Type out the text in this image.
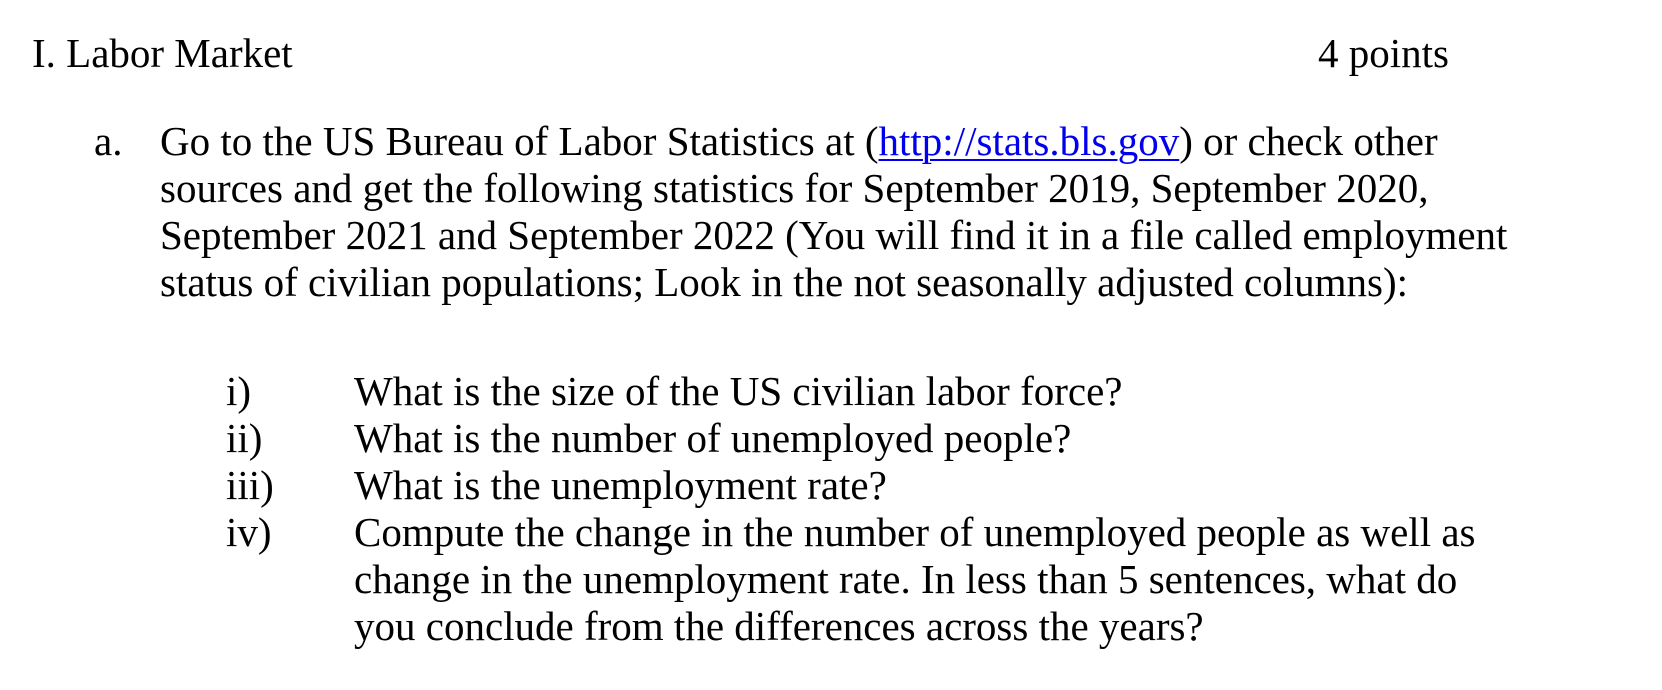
I. Labor Market	4 points
a. Go to the US Bureau of Labor Statistics at (http://stats.bls.gov) or check other
sources and get the following statistics for September 2019, September 2020,
September 2021 and September 2022 (You will find it in a file called employment
status of civilian populations; Look in the not seasonally adjusted columns):
i)	What is the size of the US civilian labor force?
ii) What is the number of unemployed people?
iii) What is the unemployment rate?
iv) Compute the change in the number of unemployed people as well as
change in the unemployment rate. In less than 5 sentences, what do
you conclude from the differences across the years?
